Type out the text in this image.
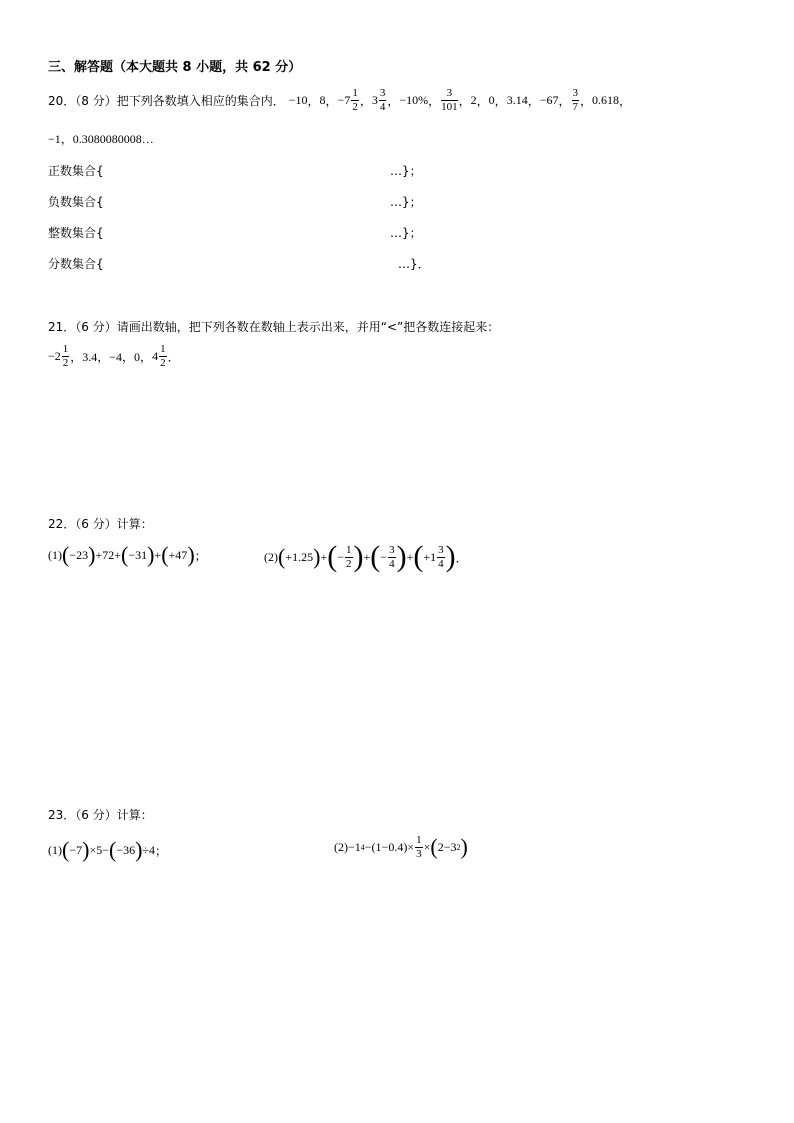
三、解答题（本大题共 8 小题，共 62 分）
20．（8 分）把下列各数填入相应的集合内． −10 ， 8 ， $-7 \frac{1}{2}$ ， $3 \frac{3}{4}$ ， −10% ， $\frac{3}{101}$ ， 2 ， 0 ， 3.14 ， −67 ， $\frac{3}{7}$ ， 0.618 ，
−1，0.3080080008…
正数集合{	…}；
负数集合{	…}；
整数集合{	…}；
分数集合{	…}．
21．（6 分）请画出数轴，把下列各数在数轴上表示出来，并用“<”把各数连接起来：
$-2 \frac{1}{2}$ ，3.4，−4，0， $4 \frac{1}{2}$ ．
22．（6 分）计算：
(1) ( −23 ) +72+ ( −31 ) + ( +47 ) ；	(2) ( +1.25 ) + ( − $\frac{1}{2}$ ) + ( − $\frac{3}{4}$ ) + ( $+1 \frac{3}{4}$ ) ．
23．（6 分）计算：
(1) ( −7 ) ×5− ( −36 ) ÷4 ；	(2) −1 $4 -(1-0.4)\times \frac{1}{3}$ × ( 2−3 2 )
